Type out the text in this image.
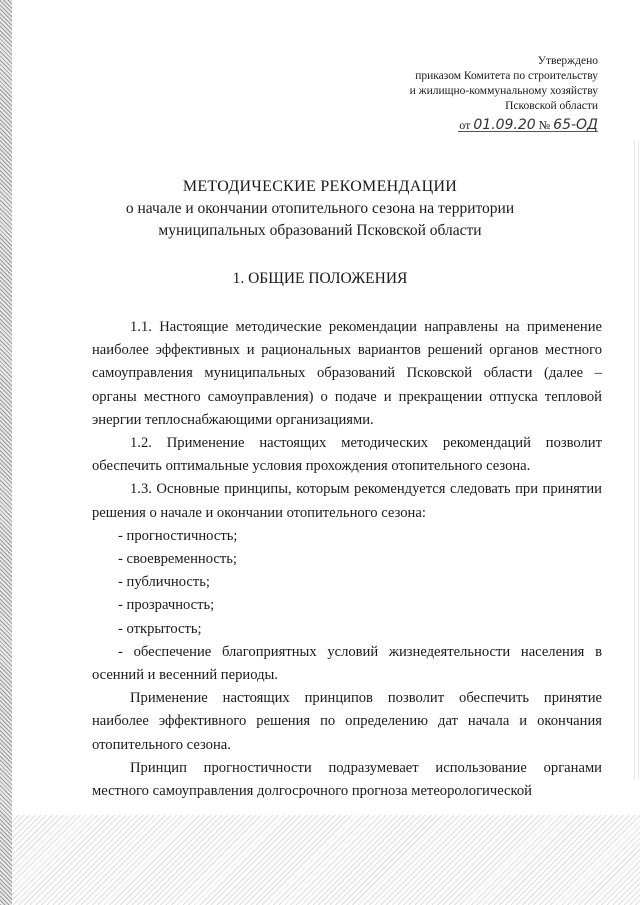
Утверждено
приказом Комитета по строительству
и жилищно-коммунальному хозяйству
Псковской области
от 01.09.20 № 65-ОД
МЕТОДИЧЕСКИЕ РЕКОМЕНДАЦИИ
о начале и окончании отопительного сезона на территории
муниципальных образований Псковской области
1. ОБЩИЕ ПОЛОЖЕНИЯ

1.1. Настоящие методические рекомендации направлены на применение наиболее эффективных и рациональных вариантов решений органов местного самоуправления муниципальных образований Псковской области (далее – органы местного самоуправления) о подаче и прекращении отпуска тепловой энергии теплоснабжающими организациями.

1.2. Применение настоящих методических рекомендаций позволит обеспечить оптимальные условия прохождения отопительного сезона.

1.3. Основные принципы, которым рекомендуется следовать при принятии решения о начале и окончании отопительного сезона:

- прогностичность;

- своевременность;

- публичность;

- прозрачность;

- открытость;

- обеспечение благоприятных условий жизнедеятельности населения в осенний и весенний периоды.

Применение настоящих принципов позволит обеспечить принятие наиболее эффективного решения по определению дат начала и окончания отопительного сезона.

Принцип прогностичности подразумевает использование органами местного самоуправления долгосрочного прогноза метеорологической
